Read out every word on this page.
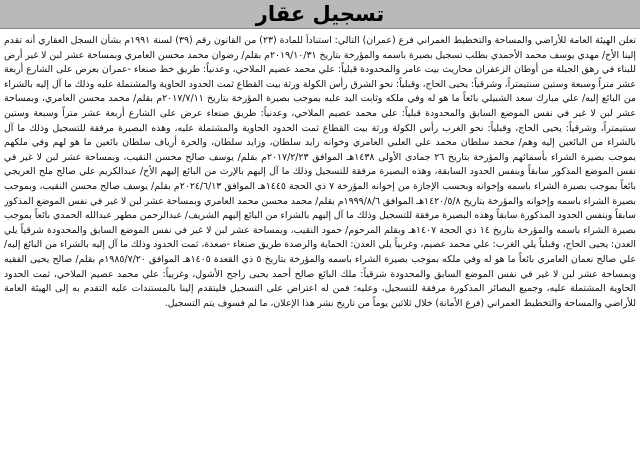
تسجيل عقار
تعلن الهيئة العامة للأراضي والمساحة والتخطيط العمراني فرع (عمران) التالي: استناداً للمادة (٢٣) من القانون رقم (٣٩) لسنة ١٩٩١م بشأن السجل العقاري أنه تقدم إلينا الأخ/ مهدي يوسف محمد الأحمدي بطلب تسجيل بصيرة باسمه والمؤرخة بتاريخ ٢٠١٩/١٠/٣١م بقلم/ رضوان محمد محسن العامري وبمساحة عشر لبن لا غير أرض للبناء في رهق الجبلة من أوطان الزعفران محاريث بيت عامر والمحدودة قبلياً: علي محمد عصيم الملاحي، وعدنياً: طريق خط صنعاء -عمران بعرض على الشارع أربعة عشر متراً وسبعة وستين سنتيمتراً، وشرقياً: يحيى الحاج، وقبلياً: نحو الشرق رأس الكولة ورثة بيت القطاع ثمت الحدود الحاوية والمشتملة عليه وذلك ما آل إليه بالشراء من البائع إليه/ علي مبارك سعد الشبيلي بائعاً ما هو له وفي ملكه وثابت اليد عليه بموجب بصيرة المؤرخة بتاريخ ٢٠١٧/٧/١١م بقلم/ محمد محسن العامري، وبمساحة عشر لبن لا غير في نفس الموضع السابق والمحدودة قبلياً: علي محمد عصيم الملاحي، وعدنياً: طريق صنعاء عرض على الشارع أربعة عشر متراً وسبعة وستين سنتيمتراً، وشرقياً: يحيى الحاج، وقبلياً: نحو الغرب رأس الكولة ورثة بيت القطاع ثمت الحدود الحاوية والمشتملة عليه، وهذه البصيرة مرفقة للتسجيل وذلك ما آل بالشراء من البائعين إليه وهم/ محمد سلطان محمد علي العلبي العامري وخوانه زايد سلطان، وزايد سلطان، والحرة أرياف سلطان بائعين ما هو لهم وفي ملكهم بموجب بصيرة الشراء بأسمائهم والمؤرخة بتاريخ ٢٦ جمادى الأولى ١٤٣٨هـ الموافق ٢٠١٧/٢/٢٣م بقلم/ يوسف صالح محسن النقيب، وبمساحة عشر لبن لا غير في نفس الموضع المذكور سابقاً وبنفس الحدود السابقة، وهذه البصيرة مرفقة للتسجيل وذلك ما آل إليهم بالإرث من البائع إليهم الأخ/ عبدالكريم علي صالح ملح العريجي بائعاً بموجب بصيرة الشراء باسمه وإخوانه وبحسب الإجازة من إخوانه المؤرخة ٧ ذي الحجة ١٤٤٥هـ الموافق ٢٠٢٤/٦/١٣م بقلم/ يوسف صالح محسن النقيب، وبموجب بصيرة الشراء باسمه وإخوانه والمؤرخة بتاريخ ١٤٢٠/٥/٨هـ الموافق ١٩٩٩/٨/٦م بقلم/ محمد محسن محمد العامري وبمساحة عشر لبن لا غير في نفس الموضع المذكور سابقاً وبنفس الحدود المذكورة سابقاً وهذه البصيرة مرفقة للتسجيل وذلك ما آل إليهم بالشراء من البائع إليهم الشريف/ عبدالرحمن مطهر عبدالله الحمدي بائعاً بموجب بصيرة الشراء باسمه والمؤرخة بتاريخ ١٤ ذي الحجة ١٤٠٧هـ وبقلم المرحوم/ حمود النقيب، وبمساحة عشر لبن لا غير في نفس الموضع السابق والمحدودة شرقياً يلي العدن: يحيى الحاج، وقبلياً يلي الغرب: علي محمد عصيم، وغربياً يلي العدن: الحماية والرصدة طريق صنعاء -صعدة، ثمت الحدود وذلك ما آل إليه بالشراء من البائع إليه/ علي صالح نعمان العامري بائعاً ما هو له وفي ملكه بموجب بصيرة الشراء باسمه والمؤرخة بتاريخ ٥ ذي القعدة ١٤٠٥هـ الموافق ١٩٨٥/٧/٢٠م بقلم/ صالح يحيى الفقيه وبمساحة عشر لبن لا غير في نفس الموضع السابق والمحدودة شرقياً: ملك البائع صالح أحمد يحيى راجح الأشول، وغربياً: علي محمد عصيم الملاحي، ثمت الحدود الحاوية المشتملة عليه، وجميع البصائر المذكورة مرفقة للتسجيل، وعليه: فمن له اعتراض على التسجيل فليتقدم إلينا بالمستندات عليه التقدم به إلى الهيئة العامة للأراضي والمساحة والتخطيط العمراني (فرع الأمانة) خلال ثلاثين يوماً من تاريخ نشر هذا الإعلان، ما لم فسوف يتم التسجيل.
